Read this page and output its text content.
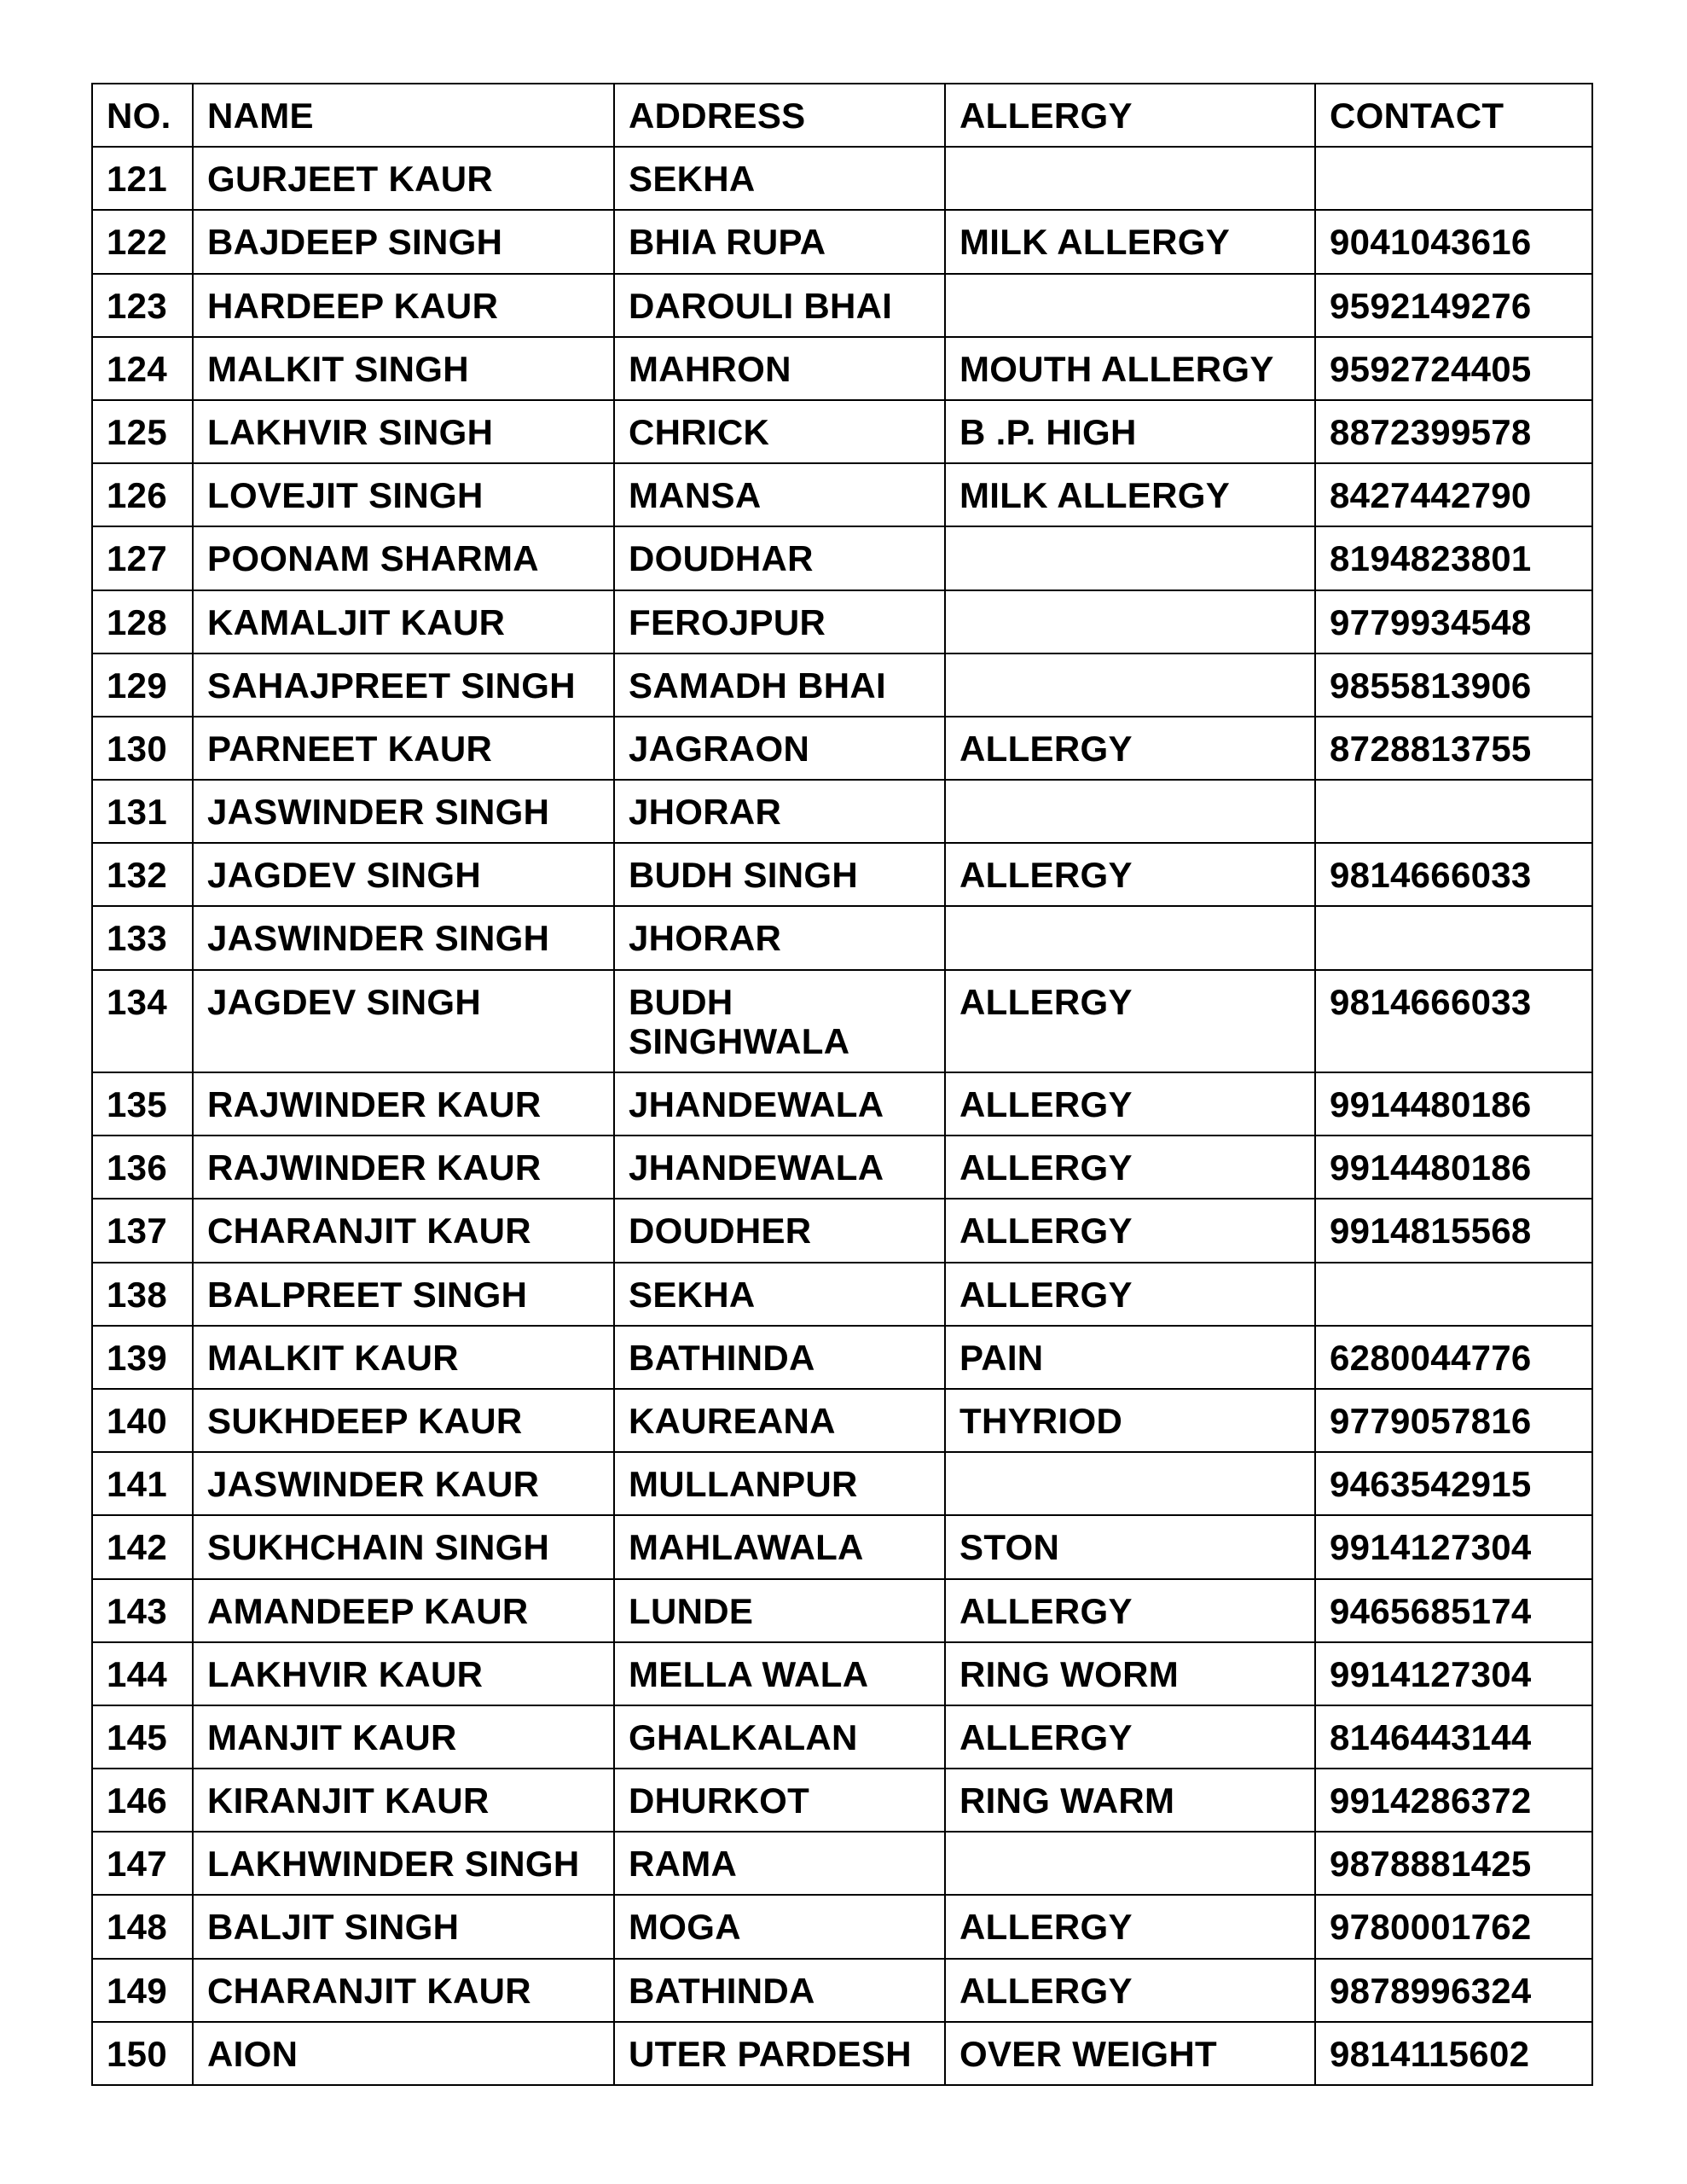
NO.	NAME	ADDRESS	ALLERGY	CONTACT
121	GURJEET KAUR	SEKHA		
122	BAJDEEP SINGH	BHIA RUPA	MILK ALLERGY	9041043616
123	HARDEEP KAUR	DAROULI BHAI		9592149276
124	MALKIT SINGH	MAHRON	MOUTH ALLERGY	9592724405
125	LAKHVIR SINGH	CHRICK	B .P. HIGH	8872399578
126	LOVEJIT SINGH	MANSA	MILK ALLERGY	8427442790
127	POONAM SHARMA	DOUDHAR		8194823801
128	KAMALJIT KAUR	FEROJPUR		9779934548
129	SAHAJPREET SINGH	SAMADH BHAI		9855813906
130	PARNEET KAUR	JAGRAON	ALLERGY	8728813755
131	JASWINDER SINGH	JHORAR		
132	JAGDEV SINGH	BUDH SINGH	ALLERGY	9814666033
133	JASWINDER SINGH	JHORAR		
134	JAGDEV SINGH	BUDH SINGHWALA	ALLERGY	9814666033
135	RAJWINDER KAUR	JHANDEWALA	ALLERGY	9914480186
136	RAJWINDER KAUR	JHANDEWALA	ALLERGY	9914480186
137	CHARANJIT KAUR	DOUDHER	ALLERGY	9914815568
138	BALPREET SINGH	SEKHA	ALLERGY	
139	MALKIT KAUR	BATHINDA	PAIN	6280044776
140	SUKHDEEP KAUR	KAUREANA	THYRIOD	9779057816
141	JASWINDER KAUR	MULLANPUR		9463542915
142	SUKHCHAIN SINGH	MAHLAWALA	STON	9914127304
143	AMANDEEP KAUR	LUNDE	ALLERGY	9465685174
144	LAKHVIR KAUR	MELLA WALA	RING WORM	9914127304
145	MANJIT KAUR	GHALKALAN	ALLERGY	8146443144
146	KIRANJIT KAUR	DHURKOT	RING WARM	9914286372
147	LAKHWINDER SINGH	RAMA		9878881425
148	BALJIT SINGH	MOGA	ALLERGY	9780001762
149	CHARANJIT KAUR	BATHINDA	ALLERGY	9878996324
150	AION	UTER PARDESH	OVER WEIGHT	9814115602
